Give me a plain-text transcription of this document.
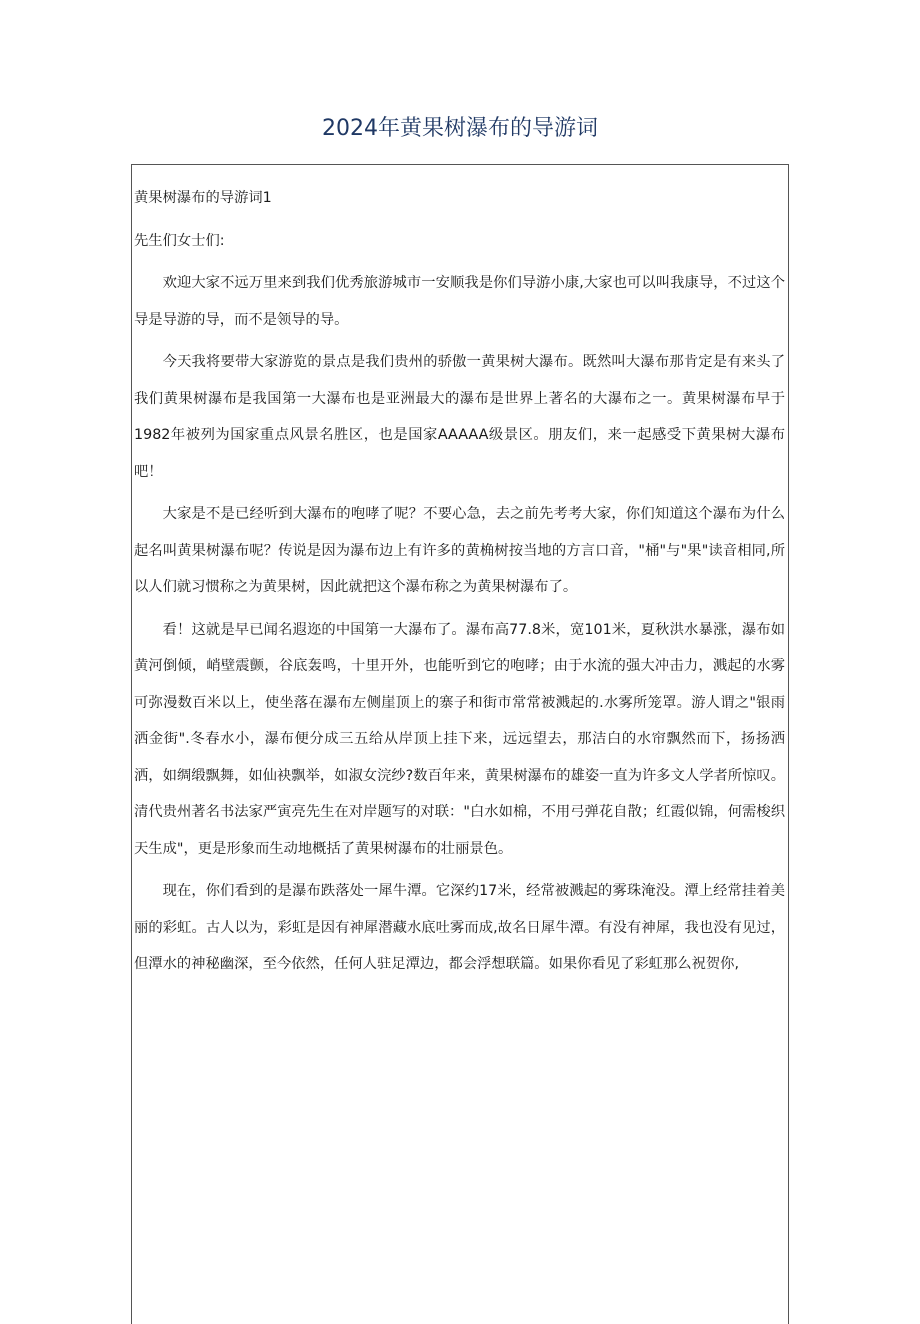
2024年黄果树瀑布的导游词

黄果树瀑布的导游词1

先生们女士们:

欢迎大家不远万里来到我们优秀旅游城市一安顺我是你们导游小康,大家也可以叫我康导，不过这个导是导游的导，而不是领导的导。

今天我将要带大家游览的景点是我们贵州的骄傲一黄果树大瀑布。既然叫大瀑布那肯定是有来头了我们黄果树瀑布是我国第一大瀑布也是亚洲最大的瀑布是世界上著名的大瀑布之一。黄果树瀑布早于1982年被列为国家重点风景名胜区，也是国家AAAAA级景区。朋友们，来一起感受下黄果树大瀑布吧！

大家是不是已经听到大瀑布的咆哮了呢？不要心急，去之前先考考大家，你们知道这个瀑布为什么起名叫黄果树瀑布呢？传说是因为瀑布边上有许多的黄桷树按当地的方言口音，"桶"与"果"读音相同,所以人们就习惯称之为黄果树，因此就把这个瀑布称之为黄果树瀑布了。

看！这就是早已闻名遐迩的中国第一大瀑布了。瀑布高77.8米，宽101米，夏秋洪水暴涨，瀑布如黄河倒倾，峭壁震颤，谷底轰鸣，十里开外，也能听到它的咆哮；由于水流的强大冲击力，溅起的水雾可弥漫数百米以上，使坐落在瀑布左侧崖顶上的寨子和街市常常被溅起的.水雾所笼罩。游人谓之"银雨洒金街".冬春水小，瀑布便分成三五给从岸顶上挂下来，远远望去，那洁白的水帘飘然而下，扬扬洒洒，如绸缎飘舞，如仙袂飘举，如淑女浣纱?数百年来，黄果树瀑布的雄姿一直为许多文人学者所惊叹。清代贵州著名书法家严寅亮先生在对岸题写的对联："白水如棉，不用弓弹花自散；红霞似锦，何需梭织天生成"，更是形象而生动地概括了黄果树瀑布的壮丽景色。

现在，你们看到的是瀑布跌落处一犀牛潭。它深约17米，经常被溅起的雾珠淹没。潭上经常挂着美丽的彩虹。古人以为，彩虹是因有神犀潜藏水底吐雾而成,故名日犀牛潭。有没有神犀，我也没有见过，但潭水的神秘幽深，至今依然，任何人驻足潭边，都会浮想联篇。如果你看见了彩虹那么祝贺你,
